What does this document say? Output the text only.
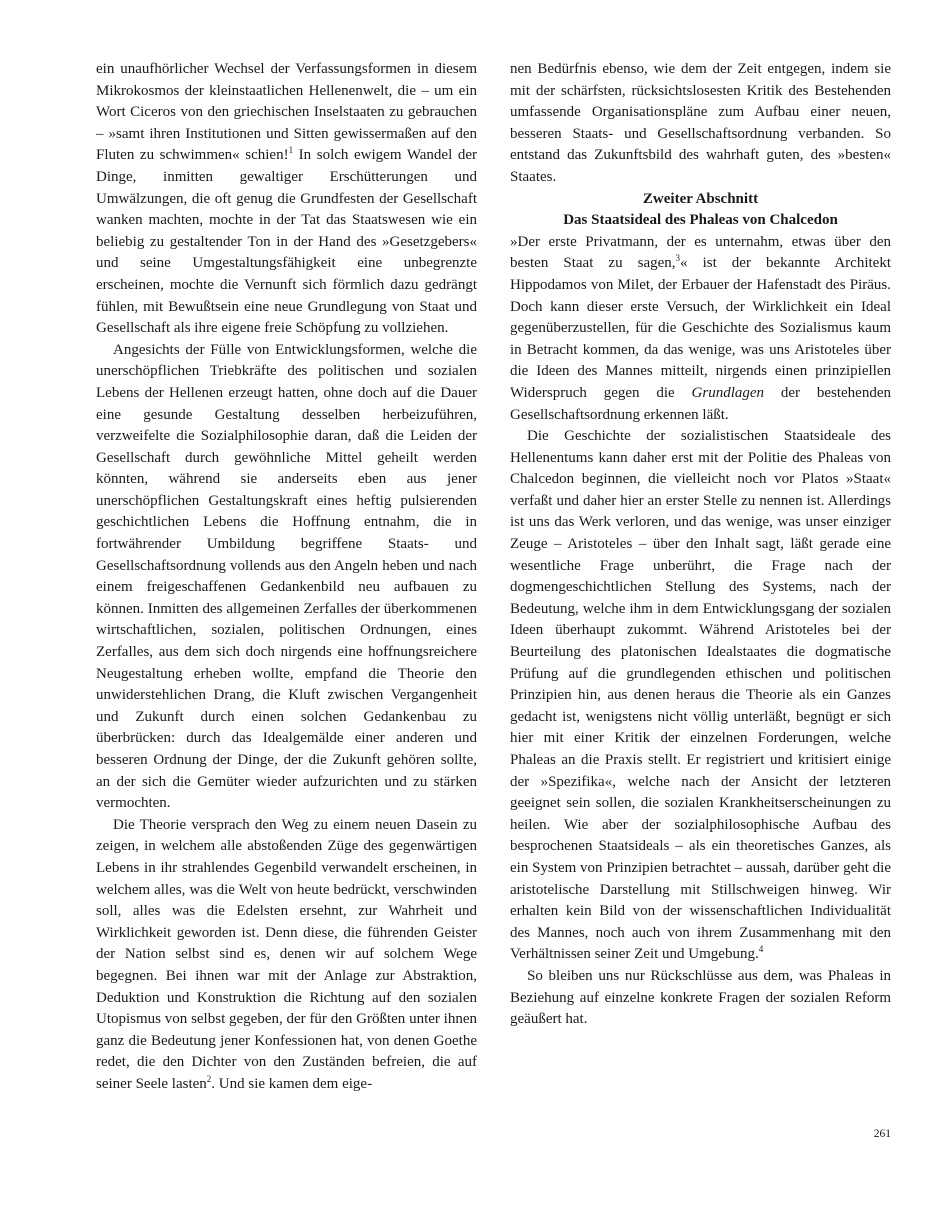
ein unaufhörlicher Wechsel der Verfassungsformen in diesem Mikrokosmos der kleinstaatlichen Hellenenwelt, die – um ein Wort Ciceros von den griechischen Inselstaaten zu gebrauchen – »samt ihren Institutionen und Sitten gewissermaßen auf den Fluten zu schwimmen« schien!$^1$ In solch ewigem Wandel der Dinge, inmitten gewaltiger Erschütterungen und Umwälzungen, die oft genug die Grundfesten der Gesellschaft wanken machten, mochte in der Tat das Staatswesen wie ein beliebig zu gestaltender Ton in der Hand des »Gesetzgebers« und seine Umgestaltungsfähigkeit eine unbegrenzte erscheinen, mochte die Vernunft sich förmlich dazu gedrängt fühlen, mit Bewußtsein eine neue Grundlegung von Staat und Gesellschaft als ihre eigene freie Schöpfung zu vollziehen.

Angesichts der Fülle von Entwicklungsformen, welche die unerschöpflichen Triebkräfte des politischen und sozialen Lebens der Hellenen erzeugt hatten, ohne doch auf die Dauer eine gesunde Gestaltung desselben herbeizuführen, verzweifelte die Sozialphilosophie daran, daß die Leiden der Gesellschaft durch gewöhnliche Mittel geheilt werden könnten, während sie anderseits eben aus jener unerschöpflichen Gestaltungskraft eines heftig pulsierenden geschichtlichen Lebens die Hoffnung entnahm, die in fortwährender Umbildung begriffene Staats- und Gesellschaftsordnung vollends aus den Angeln heben und nach einem freigeschaffenen Gedankenbild neu aufbauen zu können. Inmitten des allgemeinen Zerfalles der überkommenen wirtschaftlichen, sozialen, politischen Ordnungen, eines Zerfalles, aus dem sich doch nirgends eine hoffnungsreichere Neugestaltung erheben wollte, empfand die Theorie den unwiderstehlichen Drang, die Kluft zwischen Vergangenheit und Zukunft durch einen solchen Gedankenbau zu überbrücken: durch das Idealgemälde einer anderen und besseren Ordnung der Dinge, der die Zukunft gehören sollte, an der sich die Gemüter wieder aufzurichten und zu stärken vermochten.

Die Theorie versprach den Weg zu einem neuen Dasein zu zeigen, in welchem alle abstoßenden Züge des gegenwärtigen Lebens in ihr strahlendes Gegenbild verwandelt erscheinen, in welchem alles, was die Welt von heute bedrückt, verschwinden soll, alles was die Edelsten ersehnt, zur Wahrheit und Wirklichkeit geworden ist. Denn diese, die führenden Geister der Nation selbst sind es, denen wir auf solchem Wege begegnen. Bei ihnen war mit der Anlage zur Abstraktion, Deduktion und Konstruktion die Richtung auf den sozialen Utopismus von selbst gegeben, der für den Größten unter ihnen ganz die Bedeutung jener Konfessionen hat, von denen Goethe redet, die den Dichter von den Zuständen befreien, die auf seiner Seele lasten$^2$. Und sie kamen dem eige-

nen Bedürfnis ebenso, wie dem der Zeit entgegen, indem sie mit der schärfsten, rücksichtslosesten Kritik des Bestehenden umfassende Organisationspläne zum Aufbau einer neuen, besseren Staats- und Gesellschaftsordnung verbanden. So entstand das Zukunftsbild des wahrhaft guten, des »besten« Staates.

Zweiter Abschnitt

Das Staatsideal des Phaleas von Chalcedon

»Der erste Privatmann, der es unternahm, etwas über den besten Staat zu sagen,$^3$« ist der bekannte Architekt Hippodamos von Milet, der Erbauer der Hafenstadt des Piräus. Doch kann dieser erste Versuch, der Wirklichkeit ein Ideal gegenüberzustellen, für die Geschichte des Sozialismus kaum in Betracht kommen, da das wenige, was uns Aristoteles über die Ideen des Mannes mitteilt, nirgends einen prinzipiellen Widerspruch gegen die Grundlagen der bestehenden Gesellschaftsordnung erkennen läßt.

Die Geschichte der sozialistischen Staatsideale des Hellenentums kann daher erst mit der Politie des Phaleas von Chalcedon beginnen, die vielleicht noch vor Platos »Staat« verfaßt und daher hier an erster Stelle zu nennen ist. Allerdings ist uns das Werk verloren, und das wenige, was unser einziger Zeuge – Aristoteles – über den Inhalt sagt, läßt gerade eine wesentliche Frage unberührt, die Frage nach der dogmengeschichtlichen Stellung des Systems, nach der Bedeutung, welche ihm in dem Entwicklungsgang der sozialen Ideen überhaupt zukommt. Während Aristoteles bei der Beurteilung des platonischen Idealstaates die dogmatische Prüfung auf die grundlegenden ethischen und politischen Prinzipien hin, aus denen heraus die Theorie als ein Ganzes gedacht ist, wenigstens nicht völlig unterläßt, begnügt er sich hier mit einer Kritik der einzelnen Forderungen, welche Phaleas an die Praxis stellt. Er registriert und kritisiert einige der »Spezifika«, welche nach der Ansicht der letzteren geeignet sein sollen, die sozialen Krankheitserscheinungen zu heilen. Wie aber der sozialphilosophische Aufbau des besprochenen Staatsideals – als ein theoretisches Ganzes, als ein System von Prinzipien betrachtet – aussah, darüber geht die aristotelische Darstellung mit Stillschweigen hinweg. Wir erhalten kein Bild von der wissenschaftlichen Individualität des Mannes, noch auch von ihrem Zusammenhang mit den Verhältnissen seiner Zeit und Umgebung.$^4$

So bleiben uns nur Rückschlüsse aus dem, was Phaleas in Beziehung auf einzelne konkrete Fragen der sozialen Reform geäußert hat.

261
